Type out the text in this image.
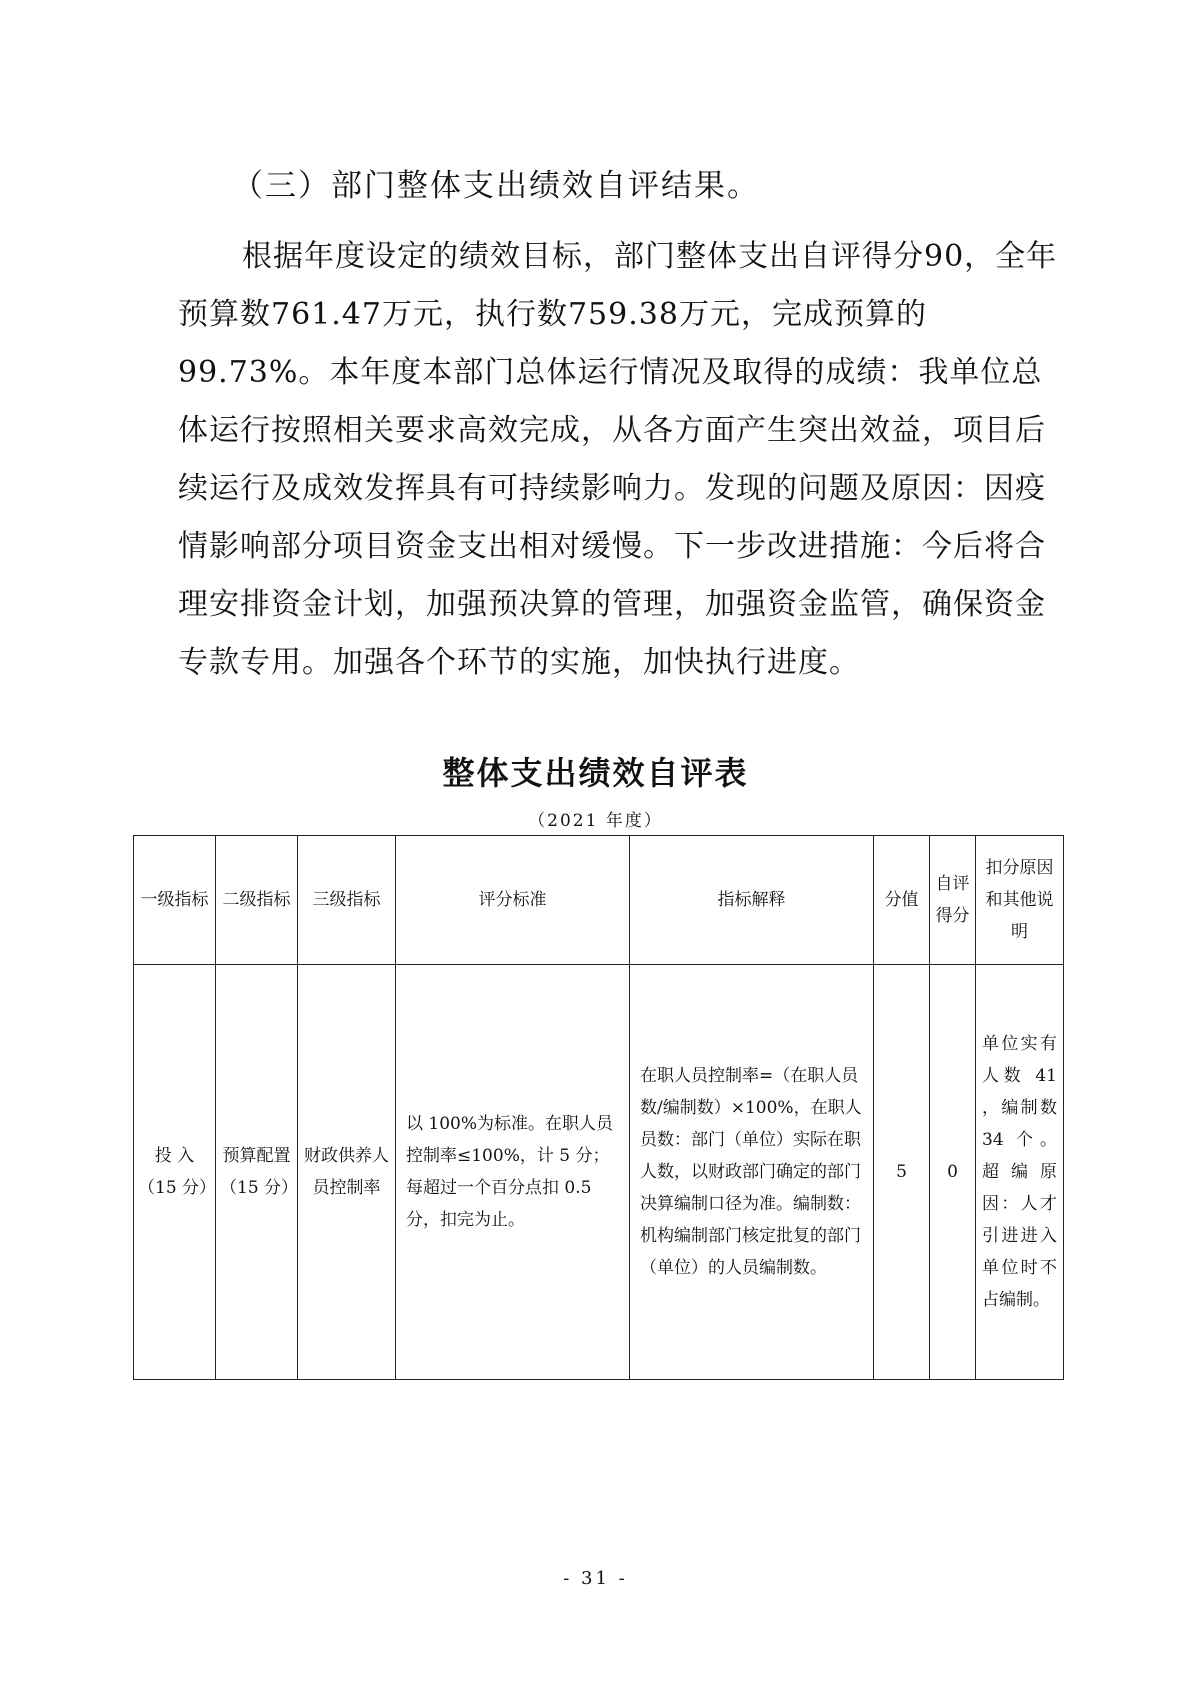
（三）部门整体支出绩效自评结果。

根据年度设定的绩效目标，部门整体支出自评得分90，全年预算数761.47万元，执行数759.38万元，完成预算的 99.73%。本年度本部门总体运行情况及取得的成绩：我单位总体运行按照相关要求高效完成，从各方面产生突出效益，项目后续运行及成效发挥具有可持续影响力。发现的问题及原因：因疫情影响部分项目资金支出相对缓慢。下一步改进措施：今后将合理安排资金计划，加强预决算的管理，加强资金监管，确保资金专款专用。加强各个环节的实施，加快执行进度。

整体支出绩效自评表
（2021 年度）
一级指标	二级指标	三级指标	评分标准	指标解释	分值	自评得分	扣分原因和其他说明
投 入（15 分）	预算配置（15 分）	财政供养人员控制率	以 100%为标准。在职人员控制率≤100%，计 5 分；每超过一个百分点扣 0.5 分，扣完为止。	在职人员控制率=（在职人员数/编制数）×100%，在职人员数：部门（单位）实际在职人数，以财政部门确定的部门决算编制口径为准。编制数：机构编制部门核定批复的部门（单位）的人员编制数。	5	0	单位实有人数 41 ，编制数 34 个。超编原因：人才引进进入单位时不占编制。
- 31 -
